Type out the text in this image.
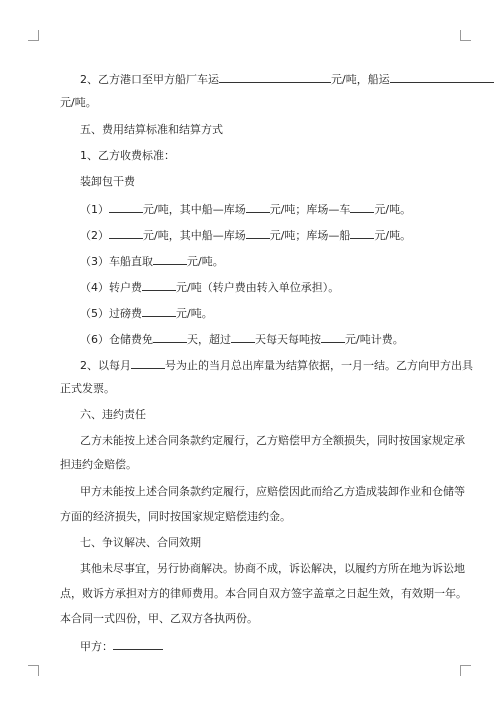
2、乙方港口至甲方船厂车运	元/吨，船运
元/吨。
五、费用结算标准和结算方式
1、乙方收费标准：
装卸包干费
（1）	元/吨，其中船—库场 元/吨；库场—车 元/吨。
（2）	元/吨，其中船—库场 元/吨；库场—船 元/吨。
（3）车船直取	元/吨。
（4）转户费	元/吨（转户费由转入单位承担）。
（5）过磅费	元/吨。
（6）仓储费免	天，超过 天每天每吨按 元/吨计费。
2、以每月	号为止的当月总出库量为结算依据，一月一结。乙方向甲方出具
正式发票。
六、违约责任
乙方未能按上述合同条款约定履行，乙方赔偿甲方全额损失，同时按国家规定承
担违约金赔偿。
甲方未能按上述合同条款约定履行，应赔偿因此而给乙方造成装卸作业和仓储等
方面的经济损失，同时按国家规定赔偿违约金。
七、争议解决、合同效期
其他未尽事宜，另行协商解决。协商不成，诉讼解决，以履约方所在地为诉讼地
点，败诉方承担对方的律师费用。本合同自双方签字盖章之日起生效，有效期一年。
本合同一式四份，甲、乙双方各执两份。
甲方：
